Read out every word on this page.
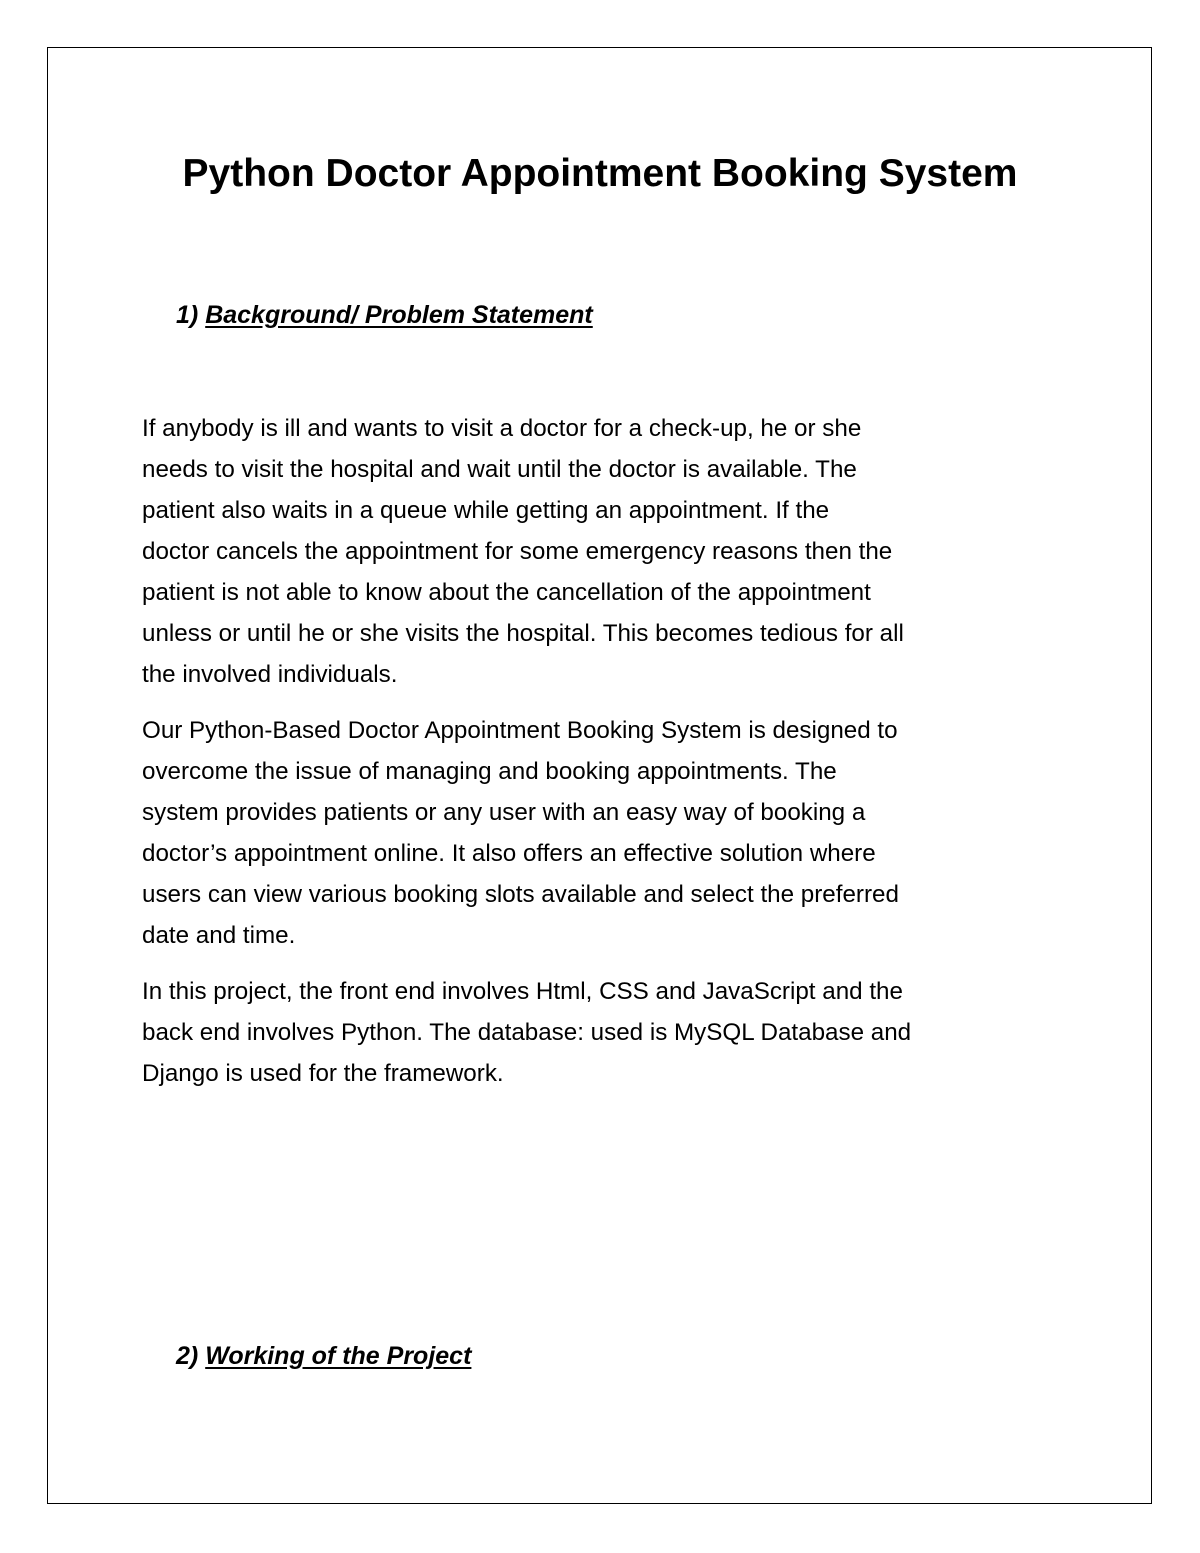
Python Doctor Appointment Booking System
1) Background/ Problem Statement

If anybody is ill and wants to visit a doctor for a check-up, he or she
needs to visit the hospital and wait until the doctor is available. The
patient also waits in a queue while getting an appointment. If the
doctor cancels the appointment for some emergency reasons then the
patient is not able to know about the cancellation of the appointment
unless or until he or she visits the hospital. This becomes tedious for all
the involved individuals.

Our Python-Based Doctor Appointment Booking System is designed to
overcome the issue of managing and booking appointments. The
system provides patients or any user with an easy way of booking a
doctor’s appointment online. It also offers an effective solution where
users can view various booking slots available and select the preferred
date and time.

In this project, the front end involves Html, CSS and JavaScript and the
back end involves Python. The database: used is MySQL Database and
Django is used for the framework.

2) Working of the Project
